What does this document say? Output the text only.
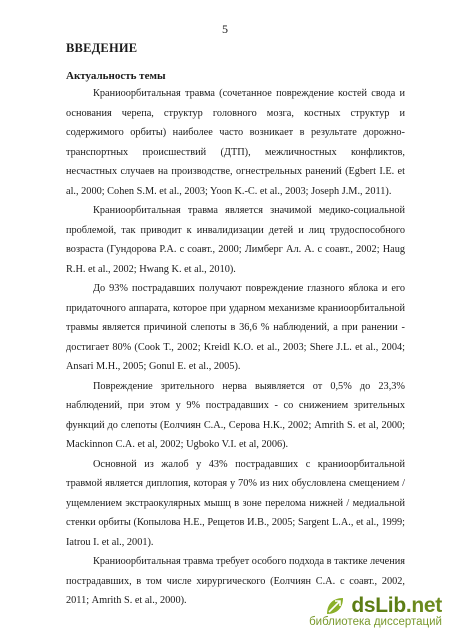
5
ВВЕДЕНИЕ
Актуальность темы

Краниоорбитальная травма (сочетанное повреждение костей свода и основания черепа, структур головного мозга, костных структур и содержимого орбиты) наиболее часто возникает в результате дорожно-транспортных происшествий (ДТП), межличностных конфликтов, несчастных случаев на производстве, огнестрельных ранений (Egbert I.E. et al., 2000; Cohen S.M. et al., 2003; Yoon K.-C. et al., 2003; Joseph J.M., 2011).

Краниоорбитальная травма является значимой медико-социальной проблемой, так приводит к инвалидизации детей и лиц трудоспособного возраста (Гундорова Р.А. с соавт., 2000; Лимберг Ал. А. с соавт., 2002; Haug R.H. et al., 2002; Hwang K. et al., 2010).

До 93% пострадавших получают повреждение глазного яблока и его придаточного аппарата, которое при ударном механизме краниоорбитальной травмы является причиной слепоты в 36,6 % наблюдений, а при ранении - достигает 80% (Cook T., 2002; Kreidl K.O. et al., 2003; Shere J.L. et al., 2004; Ansari M.H., 2005; Gonul E. et al., 2005).

Повреждение зрительного нерва выявляется от 0,5% до 23,3% наблюдений, при этом у 9% пострадавших - со снижением зрительных функций до слепоты (Еолчиян С.А., Серова Н.К., 2002; Amrith S. et al, 2000; Mackinnon C.A. et al, 2002; Ugboko V.I. et al, 2006).

Основной из жалоб у 43% пострадавших с краниоорбитальной травмой является диплопия, которая у 70% из них обусловлена смещением / ущемлением экстраокулярных мышц в зоне перелома нижней / медиальной стенки орбиты (Копылова Н.Е., Рещетов И.В., 2005; Sargent L.A., et al., 1999; Iatrou I. et al., 2001).

Краниоорбитальная травма требует особого подхода в тактике лечения пострадавших, в том числе хирургического (Еолчиян С.А. с соавт., 2002, 2011; Amrith S. et al., 2000).	dsLib.net
библиотека диссертаций
